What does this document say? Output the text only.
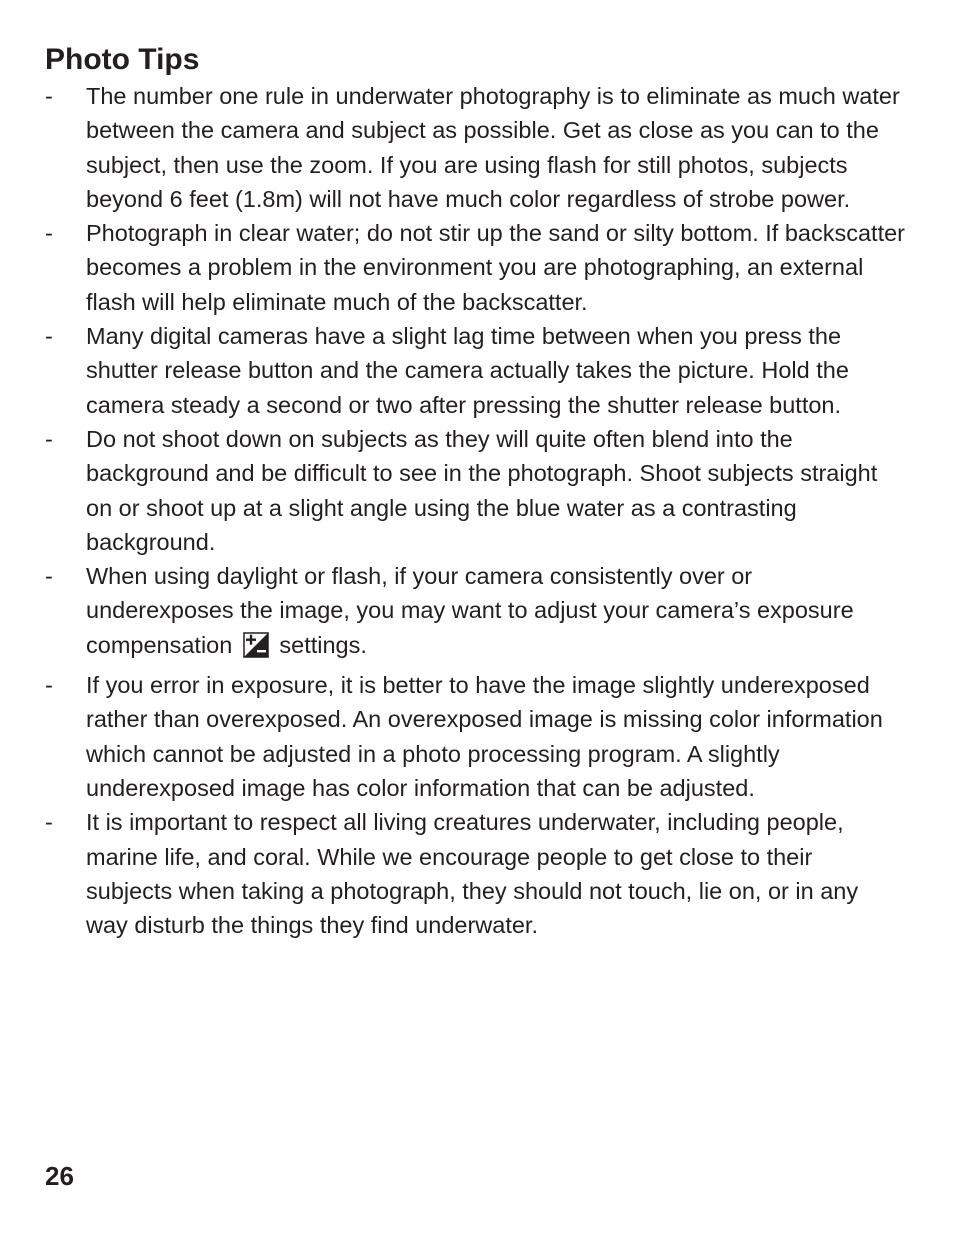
Photo Tips
- The number one rule in underwater photography is to eliminate as much water between the camera and subject as possible. Get as close as you can to the subject, then use the zoom. If you are using flash for still photos, subjects beyond 6 feet (1.8m) will not have much color regardless of strobe power.
- Photograph in clear water; do not stir up the sand or silty bottom. If backscatter becomes a problem in the environment you are photographing, an external flash will help eliminate much of the backscatter.
- Many digital cameras have a slight lag time between when you press the shutter release button and the camera actually takes the picture. Hold the camera steady a second or two after pressing the shutter release button.
- Do not shoot down on subjects as they will quite often blend into the background and be difficult to see in the photograph. Shoot subjects straight on or shoot up at a slight angle using the blue water as a contrasting background.
- When using daylight or flash, if your camera consistently over or underexposes the image, you may want to adjust your camera’s exposure compensation settings.
- If you error in exposure, it is better to have the image slightly underexposed rather than overexposed. An overexposed image is missing color information which cannot be adjusted in a photo processing program. A slightly underexposed image has color information that can be adjusted.
- It is important to respect all living creatures underwater, including people, marine life, and coral. While we encourage people to get close to their subjects when taking a photograph, they should not touch, lie on, or in any way disturb the things they find underwater.
26
